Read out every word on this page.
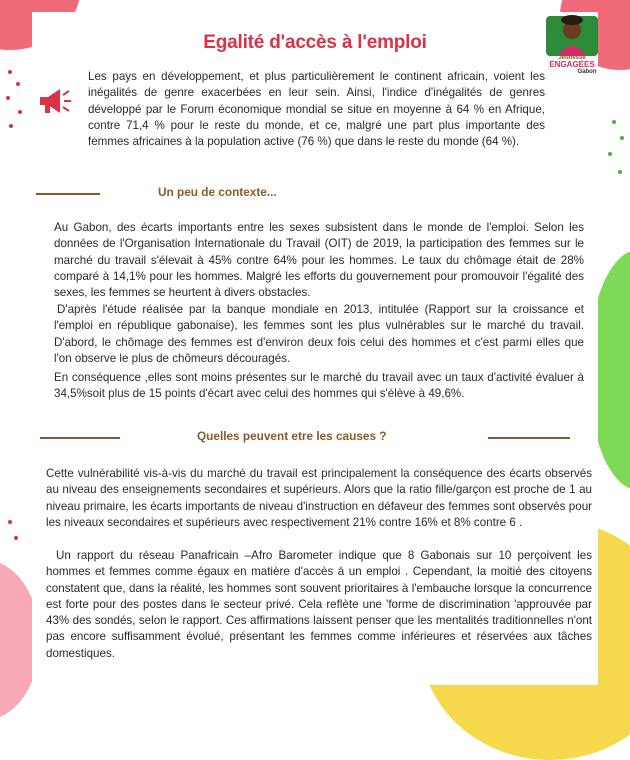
Jeunesse
ENGAGEES
Gabon
Egalité d'accès à l'emploi

Les pays en développement, et plus particulièrement le continent africain, voient les inégalités de genre exacerbées en leur sein. Ainsi, l'indice d'inégalités de genres développé par le Forum économique mondial se situe en moyenne à 64 % en Afrique, contre 71,4 % pour le reste du monde, et ce, malgré une part plus importante des femmes africaines à la population active (76 %) que dans le reste du monde (64 %).

Un peu de contexte...

Au Gabon, des écarts importants entre les sexes subsistent dans le monde de l'emploi. Selon les données de l'Organisation Internationale du Travail (OIT) de 2019, la participation des femmes sur le marché du travail s'élevait à 45% contre 64% pour les hommes. Le taux du chômage était de 28% comparé à 14,1% pour les hommes. Malgré les efforts du gouvernement pour promouvoir l'égalité des sexes, les femmes se heurtent à divers obstacles.

D'après l'étude réalisée par la banque mondiale en 2013, intitulée (Rapport sur la croissance et l'emploi en république gabonaise), les femmes sont les plus vulnérables sur le marché du travail. D'abord, le chômage des femmes est d'environ deux fois celui des hommes et c'est parmi elles que l'on observe le plus de chômeurs découragés.

En conséquence ,elles sont moins présentes sur le marché du travail avec un taux d'activité évaluer à 34,5%soit plus de 15 points d'écart avec celui des hommes qui s'élève à 49,6%.

Quelles peuvent etre les causes ?

Cette vulnérabilité vis-à-vis du marché du travail est principalement la conséquence des écarts observés au niveau des enseignements secondaires et supérieurs. Alors que la ratio fille/garçon est proche de 1 au niveau primaire, les écarts importants de niveau d'instruction en défaveur des femmes sont observés pour les niveaux secondaires et supérieurs avec respectivement 21% contre 16% et 8% contre 6 .

Un rapport du réseau Panafricain –Afro Barometer indique que 8 Gabonais sur 10 perçoivent les hommes et femmes comme égaux en matière d'accès à un emploi . Cependant, la moitié des citoyens constatent que, dans la réalité, les hommes sont souvent prioritaires à l'embauche lorsque la concurrence est forte pour des postes dans le secteur privé. Cela reflète une 'forme de discrimination 'approuvée par 43% des sondés, selon le rapport. Ces affirmations laissent penser que les mentalités traditionnelles n'ont pas encore suffisamment évolué, présentant les femmes comme inférieures et réservées aux tâches domestiques.
